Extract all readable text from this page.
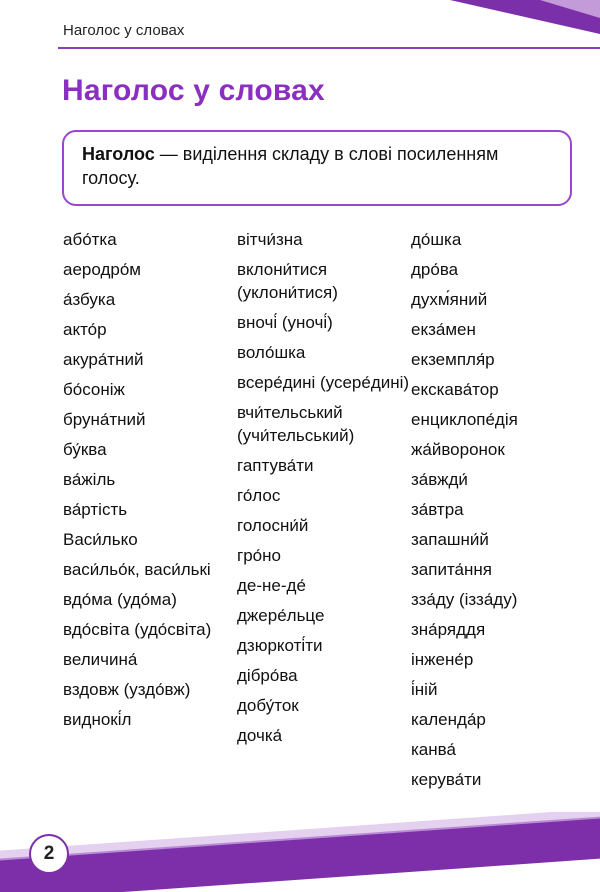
Наголос у словах
Наголос у словах
Наголос — виділення складу в слові посиленням голосу.
або́тка
аеродро́м
а́збука
акто́р
акура́тний
бо́соніж
бруна́тний
бу́ква
ва́жіль
ва́ртість
Васи́лько
васи́льо́к, васи́лькі
вдо́ма (удо́ма)
вдо́світа (удо́світа)
величина́
вздовж (уздо́вж)
виднокі́л
вітчи́зна
вклони́тися (уклони́тися)
вночі́ (уночі́)
воло́шка
всере́дині (усере́дині)
вчи́тельський (учи́тельський)
гаптува́ти
го́лос
голосни́й
гро́но
де-не-де́
джере́льце
дзюркоті́ти
дібро́ва
добу́ток
дочка́
до́шка
дро́ва
духм́яний
екза́мен
екземпля́р
екскава́тор
енциклопе́дія
жа́йворонок
за́вжди́
за́втра
запашни́й
запита́ння
зза́ду (ізза́ду)
зна́ряддя
інжене́р
і́ній
календа́р
канва́
керува́ти
2
